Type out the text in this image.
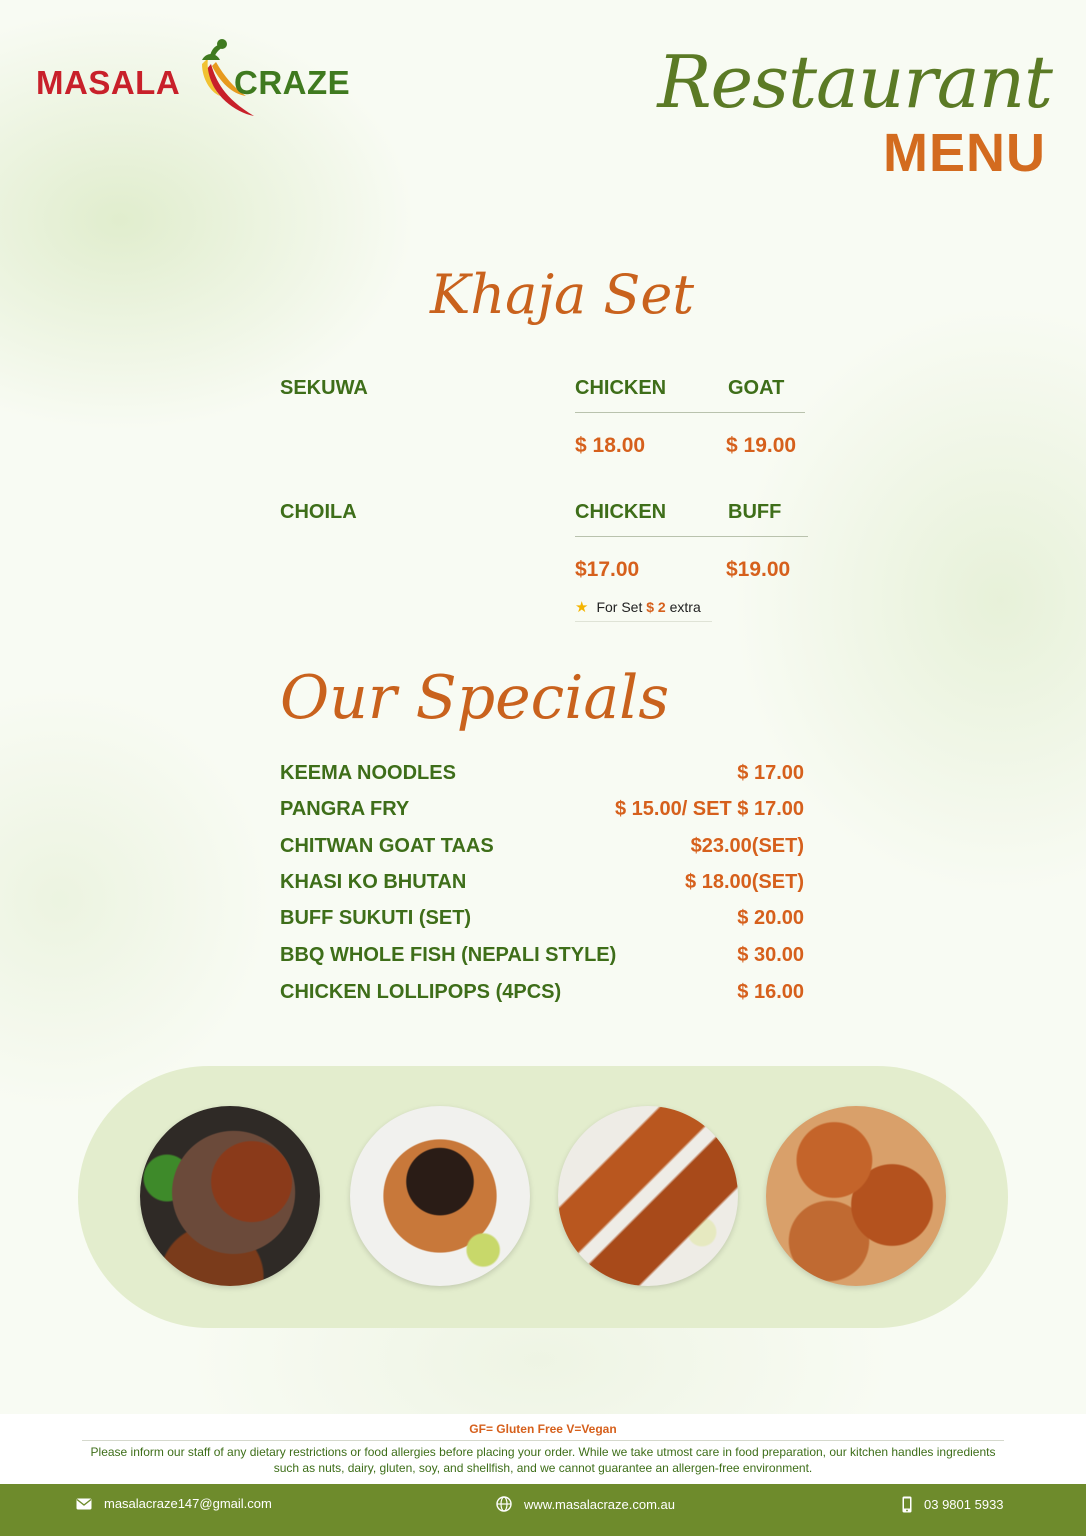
MASALA CRAZE	Restaurant
MENU
Khaja Set
SEKUWA	CHICKEN	GOAT
$ 18.00	$ 19.00
CHOILA	CHICKEN	BUFF
$17.00	$19.00
★ For Set $ 2 extra
Our Specials
KEEMA NOODLES	$ 17.00
PANGRA FRY	$ 15.00/ SET $ 17.00
CHITWAN GOAT TAAS	$23.00(SET)
KHASI KO BHUTAN	$ 18.00(SET)
BUFF SUKUTI (SET)	$ 20.00
BBQ WHOLE FISH (NEPALI STYLE)	$ 30.00
CHICKEN LOLLIPOPS (4PCS)	$ 16.00
GF= Gluten Free V=Vegan
Please inform our staff of any dietary restrictions or food allergies before placing your order. While we take utmost care in food preparation, our kitchen handles ingredients such as nuts, dairy, gluten, soy, and shellfish, and we cannot guarantee an allergen-free environment.
masalacraze147@gmail.com	www.masalacraze.com.au	03 9801 5933
